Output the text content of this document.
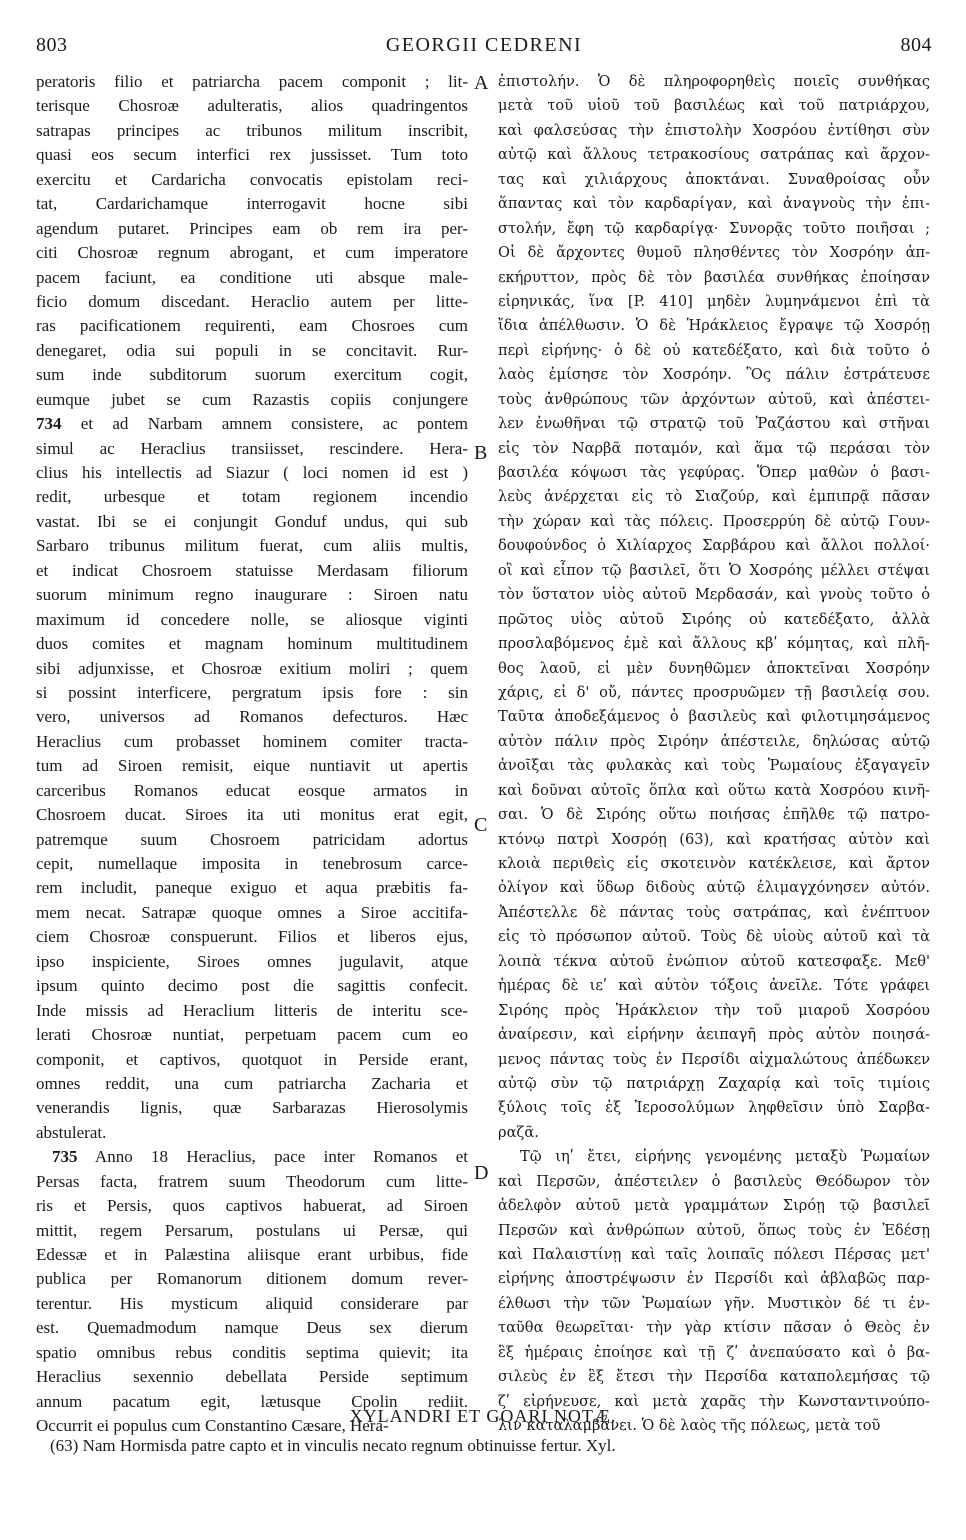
803	GEORGII CEDRENI	804
peratoris filio et patriarcha pacem componit ; lit-
terisque Chosroæ adulteratis, alios quadringentos
satrapas principes ac tribunos militum inscribit,
quasi eos secum interfici rex jussisset. Tum toto
exercitu et Cardaricha convocatis epistolam reci-
tat, Cardarichamque interrogavit hocne sibi
agendum putaret. Principes eam ob rem ira per-
citi Chosroæ regnum abrogant, et cum imperatore
pacem faciunt, ea conditione uti absque male-
ficio domum discedant. Heraclio autem per litte-
ras pacificationem requirenti, eam Chosroes cum
denegaret, odia sui populi in se concitavit. Rur-
sum inde subditorum suorum exercitum cogit,
eumque jubet se cum Razastis copiis conjungere
734 et ad Narbam amnem consistere, ac pontem
simul ac Heraclius transiisset, rescindere. Hera-
clius his intellectis ad Siazur ( loci nomen id est )
redit, urbesque et totam regionem incendio
vastat. Ibi se ei conjungit Gonduf undus, qui sub
Sarbaro tribunus militum fuerat, cum aliis multis,
et indicat Chosroem statuisse Merdasam filiorum
suorum minimum regno inaugurare : Siroen natu
maximum id concedere nolle, se aliosque viginti
duos comites et magnam hominum multitudinem
sibi adjunxisse, et Chosroæ exitium moliri ; quem
si possint interficere, pergratum ipsis fore : sin
vero, universos ad Romanos defecturos. Hæc
Heraclius cum probasset hominem comiter tracta-
tum ad Siroen remisit, eique nuntiavit ut apertis
carceribus Romanos educat eosque armatos in
Chosroem ducat. Siroes ita uti monitus erat egit,
patremque suum Chosroem patricidam adortus
cepit, numellaque imposita in tenebrosum carce-
rem includit, paneque exiguo et aqua præbitis fa-
mem necat. Satrapæ quoque omnes a Siroe accitifa-
ciem Chosroæ conspuerunt. Filios et liberos ejus,
ipso inspiciente, Siroes omnes jugulavit, atque
ipsum quinto decimo post die sagittis confecit.
Inde missis ad Heraclium litteris de interitu sce-
lerati Chosroæ nuntiat, perpetuam pacem cum eo
componit, et captivos, quotquot in Perside erant,
omnes reddit, una cum patriarcha Zacharia et
venerandis lignis, quæ Sarbarazas Hierosolymis
abstulerat.
735 Anno 18 Heraclius, pace inter Romanos et
Persas facta, fratrem suum Theodorum cum litte-
ris et Persis, quos captivos habuerat, ad Siroen
mittit, regem Persarum, postulans ui Persæ, qui
Edessæ et in Palæstina aliisque erant urbibus, fide
publica per Romanorum ditionem domum rever-
terentur. His mysticum aliquid considerare par
est. Quemadmodum namque Deus sex dierum
spatio omnibus rebus conditis septima quievit; ita
Heraclius sexennio debellata Perside septimum
annum pacatum egit, lætusque Cpolin rediit.
Occurrit ei populus cum Constantino Cæsare, Hera-
A
B
C
D
ἐπιστολήν. Ὁ δὲ πληροφορηθεὶς ποιεῖς συνθήκας
μετὰ τοῦ υἱοῦ τοῦ βασιλέως καὶ τοῦ πατριάρχου,
καὶ φαλσεύσας τὴν ἐπιστολὴν Χοσρόου ἐντίθησι σὺν
αὐτῷ καὶ ἄλλους τετρακοσίους σατράπας καὶ ἄρχον-
τας καὶ χιλιάρχους ἀποκτάναι. Συναθροίσας οὖν
ἅπαντας καὶ τὸν καρδαρίγαν, καὶ ἀναγνοὺς τὴν ἐπι-
στολήν, ἔφη τῷ καρδαρίγᾳ· Συνορᾷς τοῦτο ποιῆσαι ;
Οἱ δὲ ἄρχοντες θυμοῦ πλησθέντες τὸν Χοσρόην ἀπ-
εκήρυττον, πρὸς δὲ τὸν βασιλέα συνθήκας ἐποίησαν
εἰρηνικάς, ἵνα [P. 410] μηδὲν λυμηνάμενοι ἐπὶ τὰ
ἴδια ἀπέλθωσιν. Ὁ δὲ Ἡράκλειος ἔγραψε τῷ Χοσρόῃ
περὶ εἰρήνης· ὁ δὲ οὐ κατεδέξατο, καὶ διὰ τοῦτο ὁ
λαὸς ἐμίσησε τὸν Χοσρόην. Ὃς πάλιν ἐστράτευσε
τοὺς ἀνθρώπους τῶν ἀρχόντων αὐτοῦ, καὶ ἀπέστει-
λεν ἑνωθῆναι τῷ στρατῷ τοῦ Ῥαζάστου καὶ στῆναι
εἰς τὸν Ναρβᾶ ποταμόν, καὶ ἅμα τῷ περάσαι τὸν
βασιλέα κόψωσι τὰς γεφύρας. Ὅπερ μαθὼν ὁ βασι-
λεὺς ἀνέρχεται εἰς τὸ Σιαζούρ, καὶ ἐμπιπρᾷ πᾶσαν
τὴν χώραν καὶ τὰς πόλεις. Προσερρύη δὲ αὐτῷ Γουν-
δουφούνδος ὁ Χιλίαρχος Σαρβάρου καὶ ἄλλοι πολλοί·
οἳ καὶ εἶπον τῷ βασιλεῖ, ὅτι Ὁ Χοσρόης μέλλει στέψαι
τὸν ὕστατον υἱὸς αὐτοῦ Μερδασάν, καὶ γνοὺς τοῦτο ὁ
πρῶτος υἱὸς αὐτοῦ Σιρόης οὐ κατεδέξατο, ἀλλὰ
προσλαβόμενος ἐμὲ καὶ ἄλλους κβʹ κόμητας, καὶ πλῆ-
θος λαοῦ, εἰ μὲν δυνηθῶμεν ἀποκτεῖναι Χοσρόην
χάρις, εἰ δ' οὔ, πάντες προσρυῶμεν τῇ βασιλείᾳ σου.
Ταῦτα ἀποδεξάμενος ὁ βασιλεὺς καὶ φιλοτιμησάμενος
αὐτὸν πάλιν πρὸς Σιρόην ἀπέστειλε, δηλώσας αὐτῷ
ἀνοῖξαι τὰς φυλακὰς καὶ τοὺς Ῥωμαίους ἐξαγαγεῖν
καὶ δοῦναι αὐτοῖς ὅπλα καὶ οὕτω κατὰ Χοσρόου κινῆ-
σαι. Ὁ δὲ Σιρόης οὕτω ποιήσας ἐπῆλθε τῷ πατρο-
κτόνῳ πατρὶ Χοσρόῃ (63), καὶ κρατήσας αὐτὸν καὶ
κλοιὰ περιθεὶς εἰς σκοτεινὸν κατέκλεισε, καὶ ἄρτον
ὀλίγον καὶ ὕδωρ διδοὺς αὐτῷ ἐλιμαγχόνησεν αὐτόν.
Ἀπέστελλε δὲ πάντας τοὺς σατράπας, καὶ ἐνέπτυον
εἰς τὸ πρόσωπον αὐτοῦ. Τοὺς δὲ υἱοὺς αὐτοῦ καὶ τὰ
λοιπὰ τέκνα αὐτοῦ ἐνώπιον αὐτοῦ κατεσφαξε. Μεθ'
ἡμέρας δὲ ιεʹ καὶ αὐτὸν τόξοις ἀνεῖλε. Τότε γράφει
Σιρόης πρὸς Ἡράκλειον τὴν τοῦ μιαροῦ Χοσρόου
ἀναίρεσιν, καὶ εἰρήνην ἀειπαγῆ πρὸς αὐτὸν ποιησά-
μενος πάντας τοὺς ἐν Περσίδι αἰχμαλώτους ἀπέδωκεν
αὐτῷ σὺν τῷ πατριάρχῃ Ζαχαρίᾳ καὶ τοῖς τιμίοις
ξύλοις τοῖς ἐξ Ἱεροσολύμων ληφθεῖσιν ὑπὸ Σαρβα-
ραζᾶ.
Τῷ ιηʹ ἔτει, εἰρήνης γενομένης μεταξὺ Ῥωμαίων
καὶ Περσῶν, ἀπέστειλεν ὁ βασιλεὺς Θεόδωρον τὸν
ἀδελφὸν αὐτοῦ μετὰ γραμμάτων Σιρόῃ τῷ βασιλεῖ
Περσῶν καὶ ἀνθρώπων αὐτοῦ, ὅπως τοὺς ἐν Ἐδέσῃ
καὶ Παλαιστίνῃ καὶ ταῖς λοιπαῖς πόλεσι Πέρσας μετ'
εἰρήνης ἀποστρέψωσιν ἐν Περσίδι καὶ ἀβλαβῶς παρ-
έλθωσι τὴν τῶν Ῥωμαίων γῆν. Μυστικὸν δέ τι ἐν-
ταῦθα θεωρεῖται· τὴν γὰρ κτίσιν πᾶσαν ὁ Θεὸς ἐν
ἓξ ἡμέραις ἐποίησε καὶ τῇ ζʹ ἀνεπαύσατο καὶ ὁ βα-
σιλεὺς ἐν ἓξ ἔτεσι τὴν Περσίδα καταπολεμήσας τῷ
ζʹ εἰρήνευσε, καὶ μετὰ χαρᾶς τὴν Κωνσταντινούπο-
λιν καταλαμβάνει. Ὁ δὲ λαὸς τῆς πόλεως, μετὰ τοῦ
XYLANDRI ET GOARI NOTÆ.
(63) Nam Hormisda patre capto et in vinculis necato regnum obtinuisse fertur. Xyl.
